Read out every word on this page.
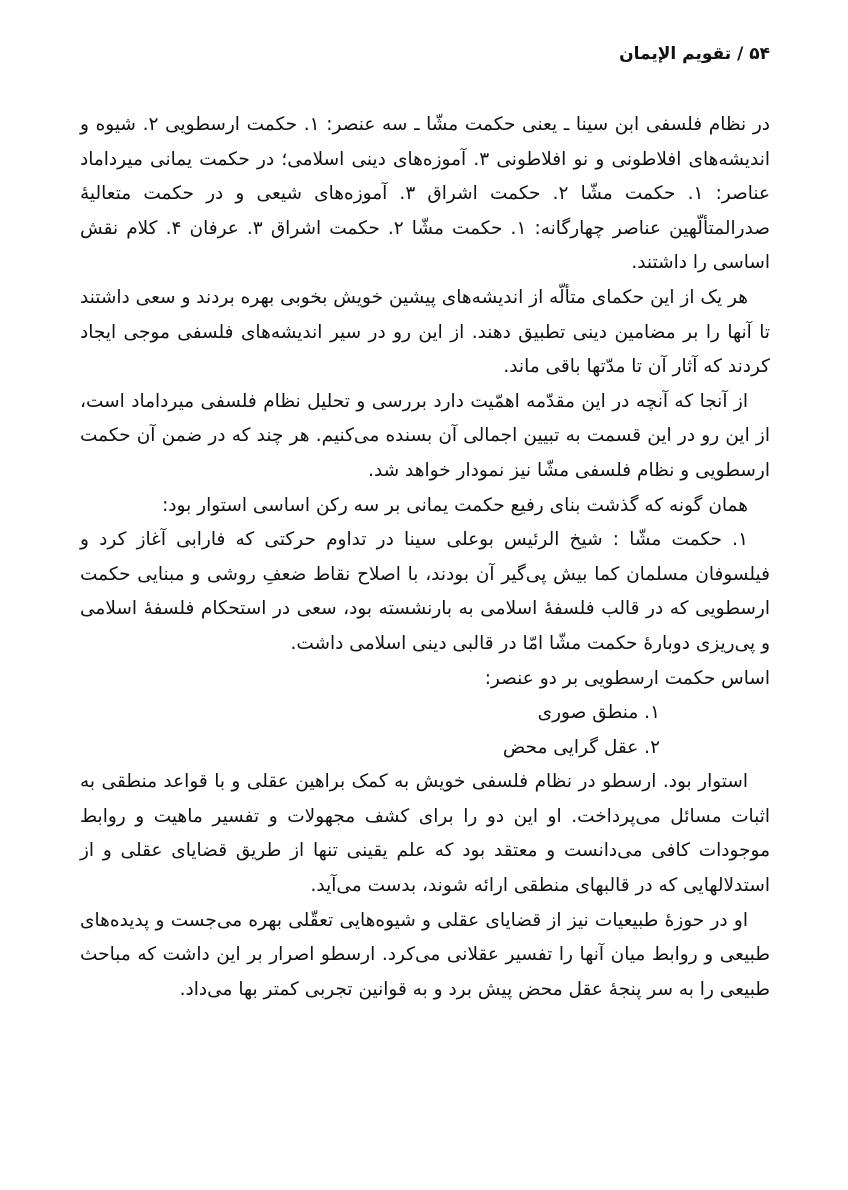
۵۴ / تقويم الإيمان

در نظام فلسفی ابن سینا ـ یعنی حکمت مشّا ـ سه عنصر: ۱. حکمت ارسطویی ۲. شیوه و اندیشه‌های افلاطونی و نو افلاطونی ۳. آموزه‌های دینی اسلامی؛ در حکمت یمانی میرداماد عناصر: ۱. حکمت مشّا ۲. حکمت اشراق ۳. آموزه‌های شیعی و در حکمت متعالیهٔ صدرالمتألّهین عناصر چهارگانه: ۱. حکمت مشّا ۲. حکمت اشراق ۳. عرفان ۴. کلام نقش اساسی را داشتند.

هر یک از این حکمای متألّه از اندیشه‌های پیشین خویش بخوبی بهره بردند و سعی داشتند تا آنها را بر مضامین دینی تطبیق دهند. از این رو در سیر اندیشه‌های فلسفی موجی ایجاد کردند که آثار آن تا مدّتها باقی ماند.

از آنجا که آنچه در این مقدّمه اهمّیت دارد بررسی و تحلیل نظام فلسفی میرداماد است، از این رو در این قسمت به تبیین اجمالی آن بسنده می‌کنیم. هر چند که در ضمن آن حکمت ارسطویی و نظام فلسفی مشّا نیز نمودار خواهد شد.

همان گونه که گذشت بنای رفیع حکمت یمانی بر سه رکن اساسی استوار بود:

۱. حکمت مشّا : شیخ الرئیس بوعلی سینا در تداوم حرکتی که فارابی آغاز کرد و فیلسوفان مسلمان کما بیش پی‌گیر آن بودند، با اصلاح نقاط ضعفِ روشی و مبنایی حکمت ارسطویی که در قالب فلسفهٔ اسلامی به بارنشسته بود، سعی در استحکام فلسفهٔ اسلامی و پی‌ریزی دوبارهٔ حکمت مشّا امّا در قالبی دینی اسلامی داشت.

اساس حکمت ارسطویی بر دو عنصر:

۱. منطق صوری

۲. عقل گرایی محض

استوار بود. ارسطو در نظام فلسفی خویش به کمک براهین عقلی و با قواعد منطقی به اثبات مسائل می‌پرداخت. او این دو را برای کشف مجهولات و تفسیر ماهیت و روابط موجودات کافی می‌دانست و معتقد بود که علم یقینی تنها از طریق قضایای عقلی و از استدلالهایی که در قالبهای منطقی ارائه شوند، بدست می‌آید.

او در حوزهٔ طبیعیات نیز از قضایای عقلی و شیوه‌هایی تعقّلی بهره می‌جست و پدیده‌های طبیعی و روابط میان آنها را تفسیر عقلانی می‌کرد. ارسطو اصرار بر این داشت که مباحث طبیعی را به سر پنجهٔ عقل محض پیش برد و به قوانین تجربی کمتر بها می‌داد.
